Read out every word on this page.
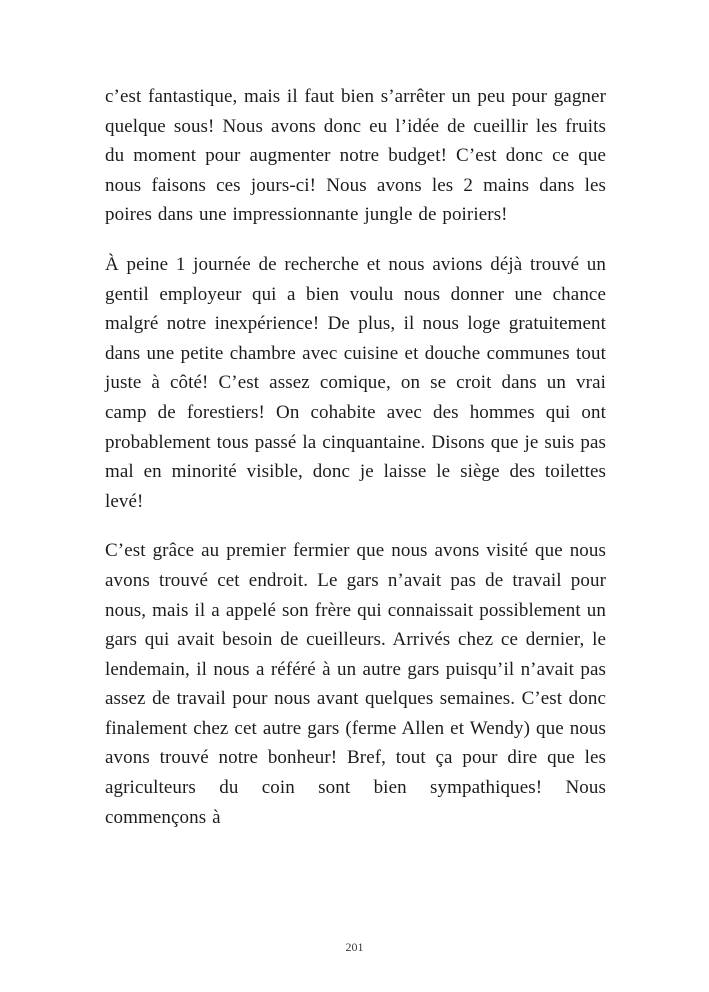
c’est fantastique, mais il faut bien s’arrêter un peu pour gagner quelque sous! Nous avons donc eu l’idée de cueillir les fruits du moment pour augmenter notre budget! C’est donc ce que nous faisons ces jours-ci! Nous avons les 2 mains dans les poires dans une impressionnante jungle de poiriers!

À peine 1 journée de recherche et nous avions déjà trouvé un gentil employeur qui a bien voulu nous donner une chance malgré notre inexpérience! De plus, il nous loge gratuitement dans une petite chambre avec cuisine et douche communes tout juste à côté! C’est assez comique, on se croit dans un vrai camp de forestiers! On cohabite avec des hommes qui ont probablement tous passé la cinquantaine. Disons que je suis pas mal en minorité visible, donc je laisse le siège des toilettes levé!

C’est grâce au premier fermier que nous avons visité que nous avons trouvé cet endroit. Le gars n’avait pas de travail pour nous, mais il a appelé son frère qui connaissait possiblement un gars qui avait besoin de cueilleurs. Arrivés chez ce dernier, le lendemain, il nous a référé à un autre gars puisqu’il n’avait pas assez de travail pour nous avant quelques semaines. C’est donc finalement chez cet autre gars (ferme Allen et Wendy) que nous avons trouvé notre bonheur! Bref, tout ça pour dire que les agriculteurs du coin sont bien sympathiques! Nous commençons à

201
